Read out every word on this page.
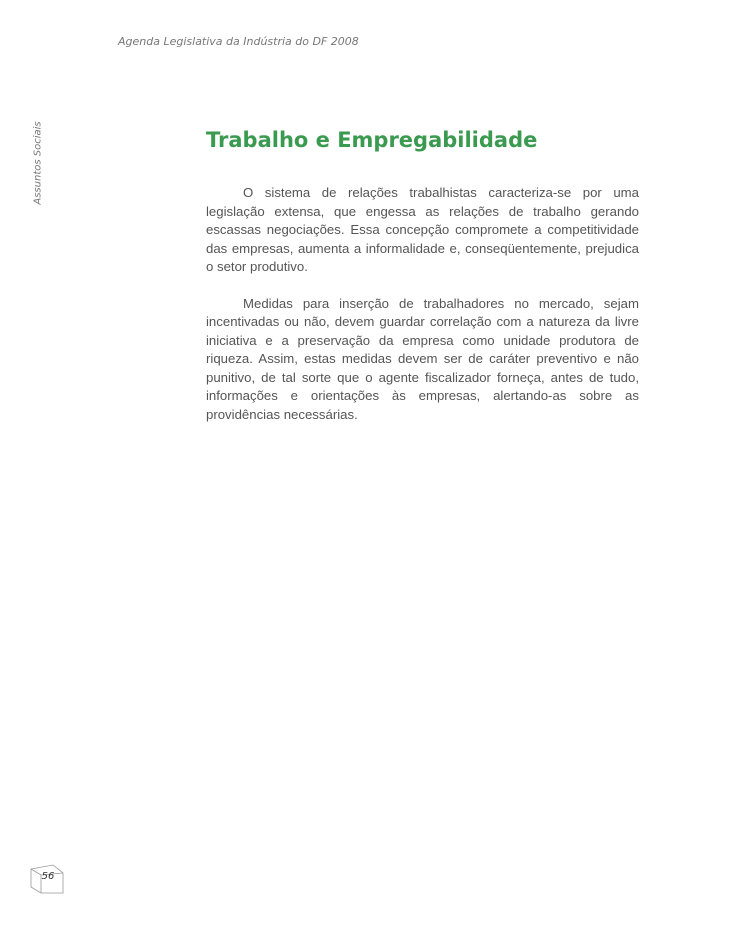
Agenda Legislativa da Indústria do DF 2008
Assuntos Sociais	Trabalho e Empregabilidade

O sistema de relações trabalhistas caracteriza-se por uma legislação extensa, que engessa as relações de trabalho gerando escassas negociações. Essa concepção compromete a competitividade das empresas, aumenta a informalidade e, conseqüentemente, prejudica o setor produtivo.

Medidas para inserção de trabalhadores no mercado, sejam incentivadas ou não, devem guardar correlação com a natureza da livre iniciativa e a preservação da empresa como unidade produtora de riqueza. Assim, estas medidas devem ser de caráter preventivo e não punitivo, de tal sorte que o agente fiscalizador forneça, antes de tudo, informações e orientações às empresas, alertando-as sobre as providências necessárias.

56
